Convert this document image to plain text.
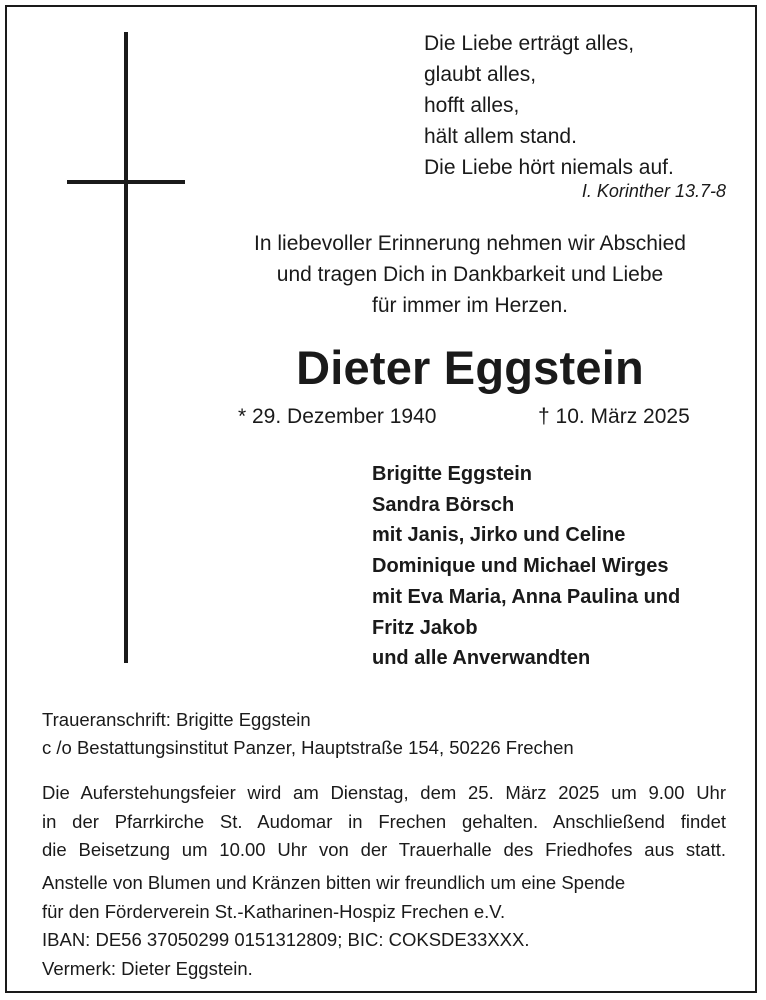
Die Liebe erträgt alles,
glaubt alles,
hofft alles,
hält allem stand.
Die Liebe hört niemals auf.
I. Korinther 13.7-8
In liebevoller Erinnerung nehmen wir Abschied
und tragen Dich in Dankbarkeit und Liebe
für immer im Herzen.
Dieter Eggstein
* 29. Dezember 1940	† 10. März 2025
Brigitte Eggstein
Sandra Börsch
mit Janis, Jirko und Celine
Dominique und Michael Wirges
mit Eva Maria, Anna Paulina und
Fritz Jakob
und alle Anverwandten
Traueranschrift: Brigitte Eggstein
c /o Bestattungsinstitut Panzer, Hauptstraße 154, 50226 Frechen
Die Auferstehungsfeier wird am Dienstag, dem 25. März 2025 um 9.00 Uhr
in der Pfarrkirche St. Audomar in Frechen gehalten. Anschließend findet
die Beisetzung um 10.00 Uhr von der Trauerhalle des Friedhofes aus statt.
Anstelle von Blumen und Kränzen bitten wir freundlich um eine Spende
für den Förderverein St.-Katharinen-Hospiz Frechen e.V.
IBAN: DE56 37050299 0151312809; BIC: COKSDE33XXX.
Vermerk: Dieter Eggstein.
